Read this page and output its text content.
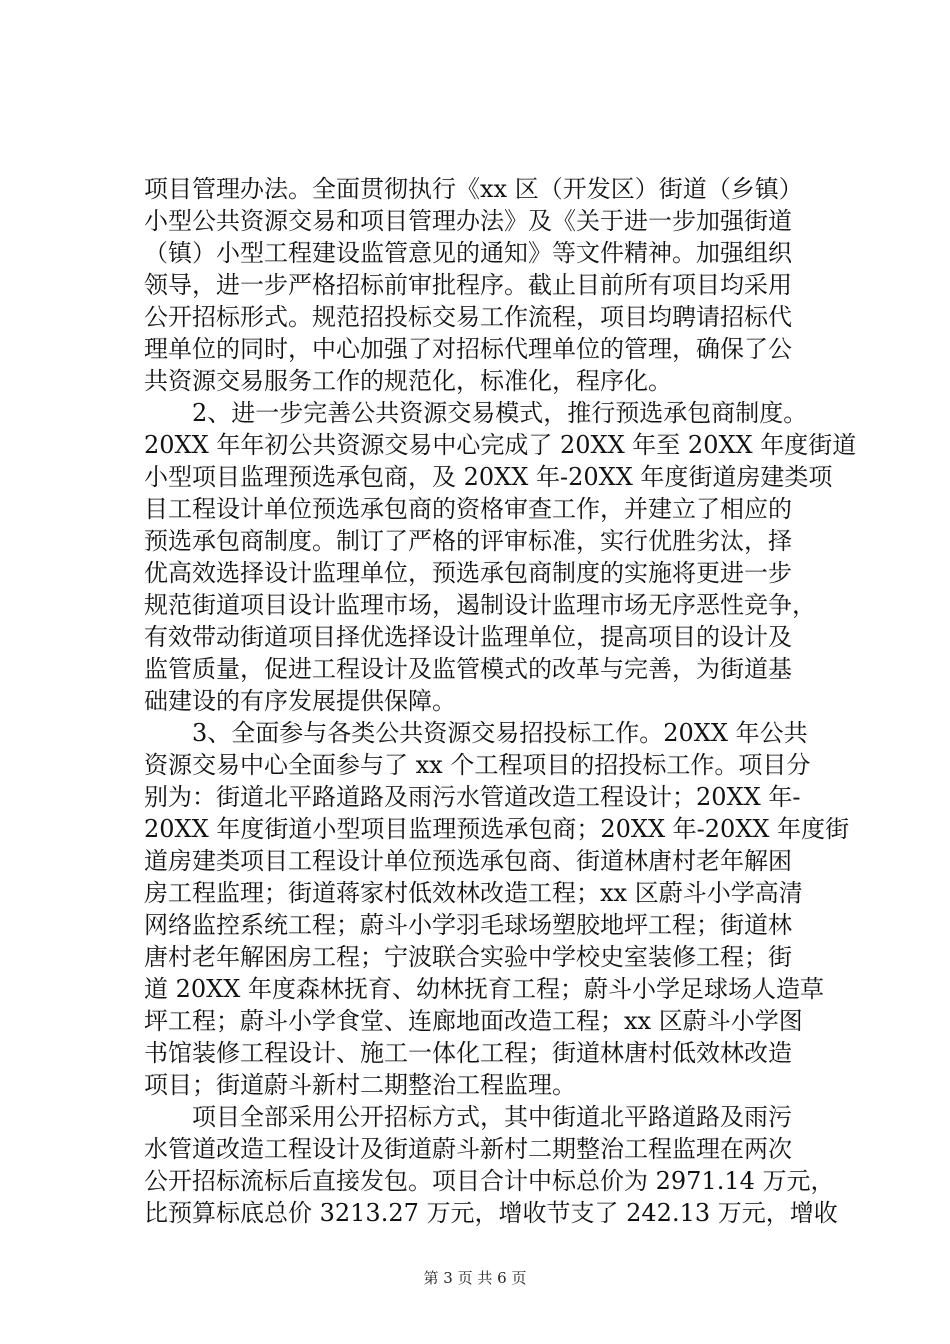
项目管理办法。全面贯彻执行《xx 区（开发区）街道（乡镇）
小型公共资源交易和项目管理办法》及《关于进一步加强街道
（镇）小型工程建设监管意见的通知》等文件精神。加强组织
领导，进一步严格招标前审批程序。截止目前所有项目均采用
公开招标形式。规范招投标交易工作流程，项目均聘请招标代
理单位的同时，中心加强了对招标代理单位的管理，确保了公
共资源交易服务工作的规范化，标准化，程序化。
　　2、进一步完善公共资源交易模式，推行预选承包商制度。
20XX 年年初公共资源交易中心完成了 20XX 年至 20XX 年度街道
小型项目监理预选承包商，及 20XX 年-20XX 年度街道房建类项
目工程设计单位预选承包商的资格审查工作，并建立了相应的
预选承包商制度。制订了严格的评审标准，实行优胜劣汰，择
优高效选择设计监理单位，预选承包商制度的实施将更进一步
规范街道项目设计监理市场，遏制设计监理市场无序恶性竞争，
有效带动街道项目择优选择设计监理单位，提高项目的设计及
监管质量，促进工程设计及监管模式的改革与完善，为街道基
础建设的有序发展提供保障。
　　3、全面参与各类公共资源交易招投标工作。20XX 年公共
资源交易中心全面参与了 xx 个工程项目的招投标工作。项目分
别为：街道北平路道路及雨污水管道改造工程设计；20XX 年-
20XX 年度街道小型项目监理预选承包商；20XX 年-20XX 年度街
道房建类项目工程设计单位预选承包商、街道林唐村老年解困
房工程监理；街道蒋家村低效林改造工程；xx 区蔚斗小学高清
网络监控系统工程；蔚斗小学羽毛球场塑胶地坪工程；街道林
唐村老年解困房工程；宁波联合实验中学校史室装修工程；街
道 20XX 年度森林抚育、幼林抚育工程；蔚斗小学足球场人造草
坪工程；蔚斗小学食堂、连廊地面改造工程；xx 区蔚斗小学图
书馆装修工程设计、施工一体化工程；街道林唐村低效林改造
项目；街道蔚斗新村二期整治工程监理。
　　项目全部采用公开招标方式，其中街道北平路道路及雨污
水管道改造工程设计及街道蔚斗新村二期整治工程监理在两次
公开招标流标后直接发包。项目合计中标总价为 2971.14 万元，
比预算标底总价 3213.27 万元，增收节支了 242.13 万元，增收
第 3 页 共 6 页
